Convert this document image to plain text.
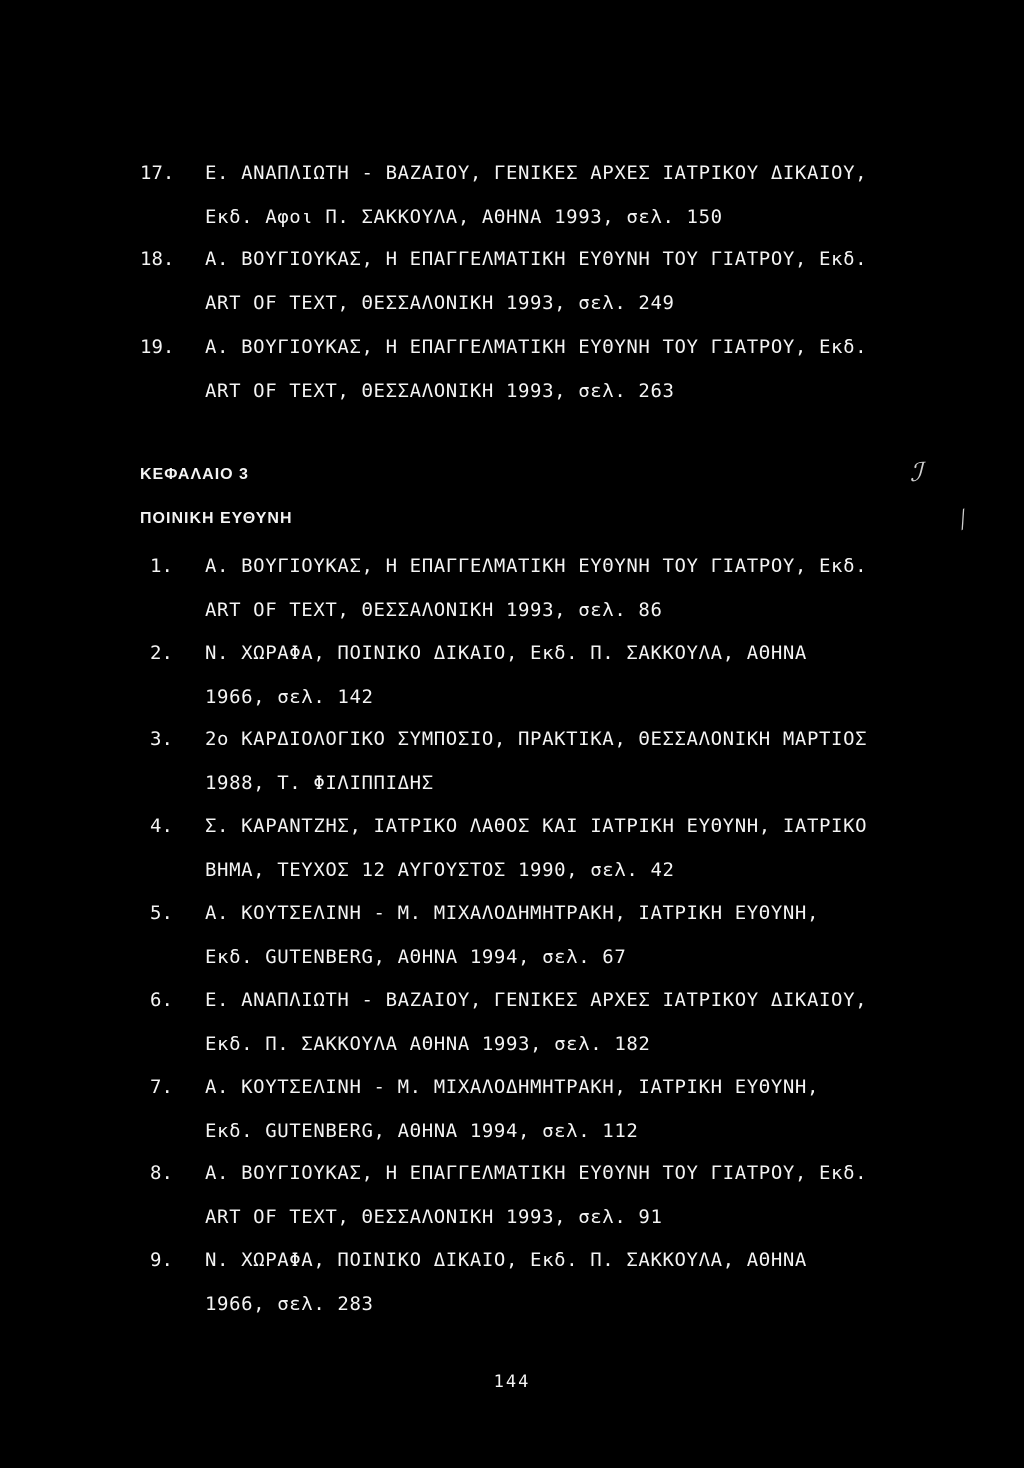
17. Ε. ΑΝΑΠΛΙΩΤΗ - ΒΑΖΑΙΟΥ, ΓΕΝΙΚΕΣ ΑΡΧΕΣ ΙΑΤΡΙΚΟΥ ΔΙΚΑΙΟΥ,
Εκδ. Αφοι Π. ΣΑΚΚΟΥΛΑ, ΑΘΗΝΑ 1993, σελ. 150
18. Α. ΒΟΥΓΙΟΥΚΑΣ, Η ΕΠΑΓΓΕΛΜΑΤΙΚΗ ΕΥΘΥΝΗ ΤΟΥ ΓΙΑΤΡΟΥ, Εκδ.
ART OF TEXT, ΘΕΣΣΑΛΟΝΙΚΗ 1993, σελ. 249
19. Α. ΒΟΥΓΙΟΥΚΑΣ, Η ΕΠΑΓΓΕΛΜΑΤΙΚΗ ΕΥΘΥΝΗ ΤΟΥ ΓΙΑΤΡΟΥ, Εκδ.
ART OF TEXT, ΘΕΣΣΑΛΟΝΙΚΗ 1993, σελ. 263
ΚΕΦΑΛΑΙΟ 3
ΠΟΙΝΙΚΗ ΕΥΘΥΝΗ
ℐ
⁄
1. Α. ΒΟΥΓΙΟΥΚΑΣ, Η ΕΠΑΓΓΕΛΜΑΤΙΚΗ ΕΥΘΥΝΗ ΤΟΥ ΓΙΑΤΡΟΥ, Εκδ.
ART OF TEXT, ΘΕΣΣΑΛΟΝΙΚΗ 1993, σελ. 86
2. Ν. ΧΩΡΑΦΑ, ΠΟΙΝΙΚΟ ΔΙΚΑΙΟ, Εκδ. Π. ΣΑΚΚΟΥΛΑ, ΑΘΗΝΑ
1966, σελ. 142
3. 2ο ΚΑΡΔΙΟΛΟΓΙΚΟ ΣΥΜΠΟΣΙΟ, ΠΡΑΚΤΙΚΑ, ΘΕΣΣΑΛΟΝΙΚΗ ΜΑΡΤΙΟΣ
1988, Τ. ΦΙΛΙΠΠΙΔΗΣ
4. Σ. ΚΑΡΑΝΤΖΗΣ, ΙΑΤΡΙΚΟ ΛΑΘΟΣ ΚΑΙ ΙΑΤΡΙΚΗ ΕΥΘΥΝΗ, ΙΑΤΡΙΚΟ
ΒΗΜΑ, ΤΕΥΧΟΣ 12 ΑΥΓΟΥΣΤΟΣ 1990, σελ. 42
5. Α. ΚΟΥΤΣΕΛΙΝΗ - Μ. ΜΙΧΑΛΟΔΗΜΗΤΡΑΚΗ, ΙΑΤΡΙΚΗ ΕΥΘΥΝΗ,
Εκδ. GUTENBERG, ΑΘΗΝΑ 1994, σελ. 67
6. Ε. ΑΝΑΠΛΙΩΤΗ - ΒΑΖΑΙΟΥ, ΓΕΝΙΚΕΣ ΑΡΧΕΣ ΙΑΤΡΙΚΟΥ ΔΙΚΑΙΟΥ,
Εκδ. Π. ΣΑΚΚΟΥΛΑ ΑΘΗΝΑ 1993, σελ. 182
7. Α. ΚΟΥΤΣΕΛΙΝΗ - Μ. ΜΙΧΑΛΟΔΗΜΗΤΡΑΚΗ, ΙΑΤΡΙΚΗ ΕΥΘΥΝΗ,
Εκδ. GUTENBERG, ΑΘΗΝΑ 1994, σελ. 112
8. Α. ΒΟΥΓΙΟΥΚΑΣ, Η ΕΠΑΓΓΕΛΜΑΤΙΚΗ ΕΥΘΥΝΗ ΤΟΥ ΓΙΑΤΡΟΥ, Εκδ.
ART OF TEXT, ΘΕΣΣΑΛΟΝΙΚΗ 1993, σελ. 91
9. Ν. ΧΩΡΑΦΑ, ΠΟΙΝΙΚΟ ΔΙΚΑΙΟ, Εκδ. Π. ΣΑΚΚΟΥΛΑ, ΑΘΗΝΑ
1966, σελ. 283
144
